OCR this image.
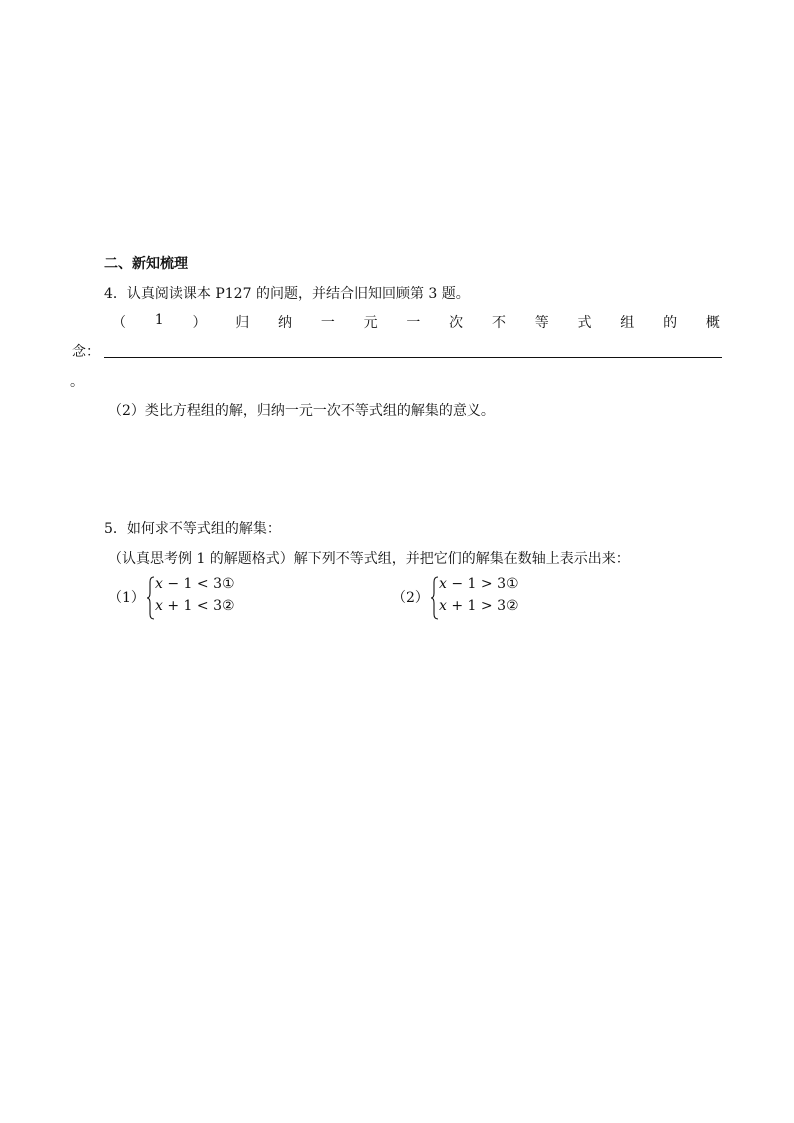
二、新知梳理
4．认真阅读课本 P127 的问题，并结合旧知回顾第 3 题。
（ 1 ） 归 纳 一 元 一 次 不 等 式 组 的 概
念：
。
（2）类比方程组的解，归纳一元一次不等式组的解集的意义。
5．如何求不等式组的解集：
（认真思考例 1 的解题格式）解下列不等式组，并把它们的解集在数轴上表示出来：
（1）
x − 1 < 3①
x + 1 < 3②	（2）
x − 1 > 3①
x + 1 > 3②
